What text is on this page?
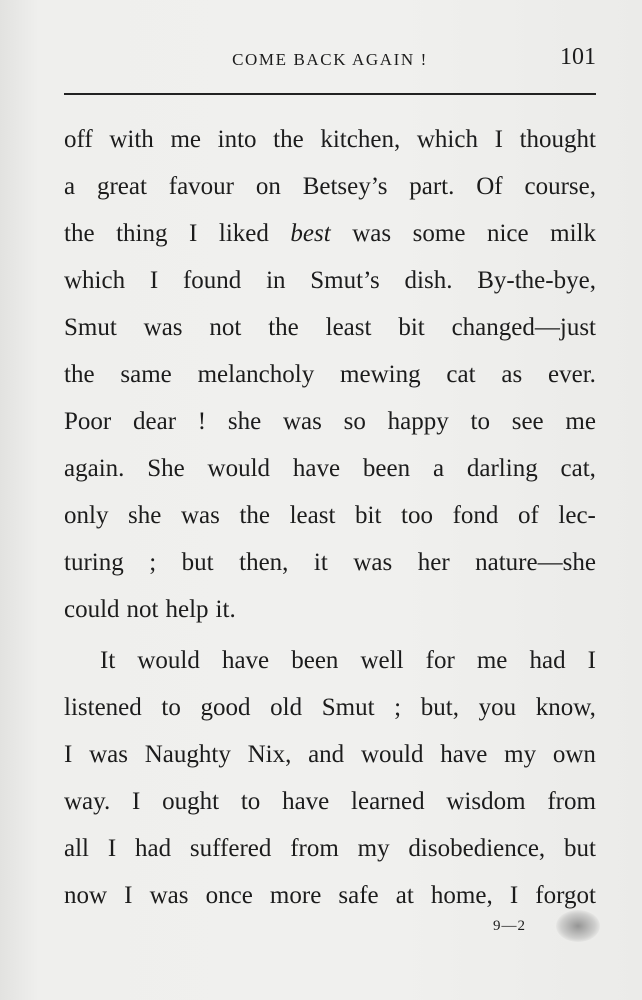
COME BACK AGAIN !	101
off with me into the kitchen, which I thought
a great favour on Betsey’s part. Of course,
the thing I liked best was some nice milk
which I found in Smut’s dish. By-the-bye,
Smut was not the least bit changed—just
the same melancholy mewing cat as ever.
Poor dear ! she was so happy to see me
again. She would have been a darling cat,
only she was the least bit too fond of lec-
turing ; but then, it was her nature—she
could not help it.
It would have been well for me had I
listened to good old Smut ; but, you know,
I was Naughty Nix, and would have my own
way. I ought to have learned wisdom from
all I had suffered from my disobedience, but
now I was once more safe at home, I forgot
9—2
